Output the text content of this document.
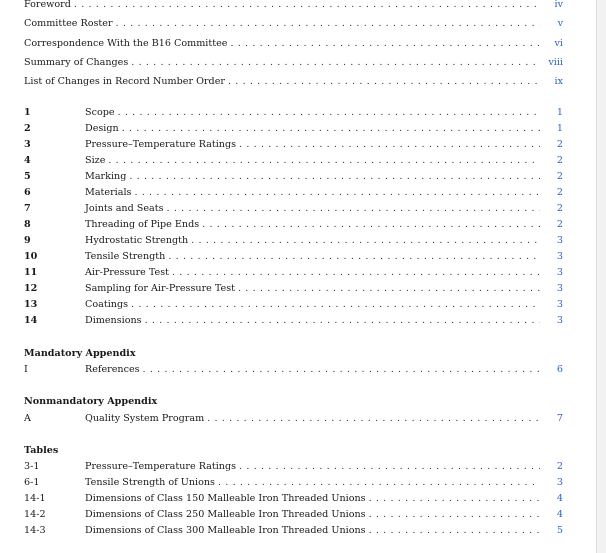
Foreword . . .	iv
Committee Roster . . .	v
Correspondence With the B16 Committee . . .	vi
Summary of Changes . . .	viii
List of Changes in Record Number Order . . .	ix
1	Scope . . .	1
2	Design . . .	1
3	Pressure–Temperature Ratings . . .	2
4	Size . . .	2
5	Marking . . .	2
6	Materials . . .	2
7	Joints and Seats . . .	2
8	Threading of Pipe Ends . . .	2
9	Hydrostatic Strength . . .	3
10	Tensile Strength . . .	3
11	Air-Pressure Test . . .	3
12	Sampling for Air-Pressure Test . . .	3
13	Coatings . . .	3
14	Dimensions . . .	3
Mandatory Appendix
I	References . . .	6
Nonmandatory Appendix
A	Quality System Program . . .	7
Tables
3-1	Pressure–Temperature Ratings . . .	2
6-1	Tensile Strength of Unions . . .	3
14-1	Dimensions of Class 150 Malleable Iron Threaded Unions . . .	4
14-2	Dimensions of Class 250 Malleable Iron Threaded Unions . . .	4
14-3	Dimensions of Class 300 Malleable Iron Threaded Unions . . .	5
